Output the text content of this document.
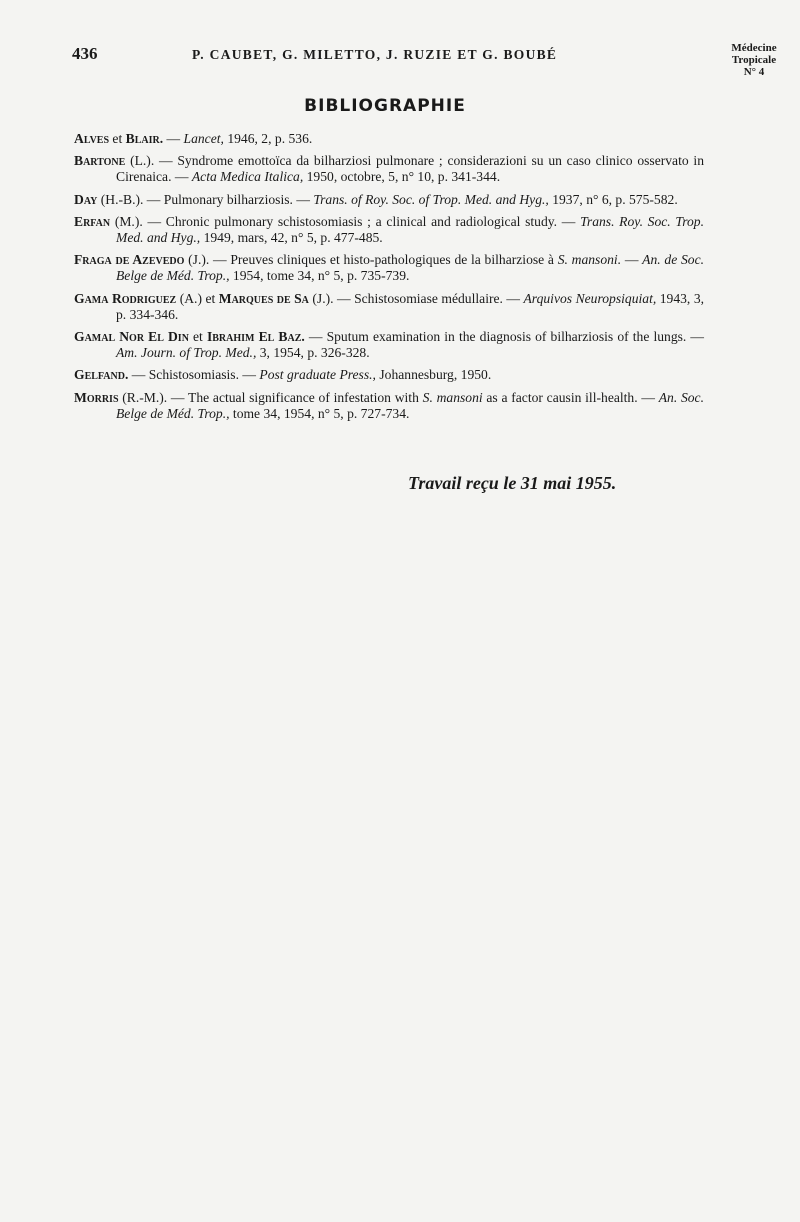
436	P. CAUBET, G. MILETTO, J. RUZIE ET G. BOUBÉ	Médecine
Tropicale
N° 4
BIBLIOGRAPHIE

Alves et Blair. — Lancet, 1946, 2, p. 536.

Bartone (L.). — Syndrome emottoïca da bilharziosi pulmonare ; considerazioni su un caso clinico osservato in Cirenaica. — Acta Medica Italica, 1950, octobre, 5, n° 10, p. 341-344.

Day (H.-B.). — Pulmonary bilharziosis. — Trans. of Roy. Soc. of Trop. Med. and Hyg., 1937, n° 6, p. 575-582.

Erfan (M.). — Chronic pulmonary schistosomiasis ; a clinical and radiological study. — Trans. Roy. Soc. Trop. Med. and Hyg., 1949, mars, 42, n° 5, p. 477-485.

Fraga de Azevedo (J.). — Preuves cliniques et histo-pathologiques de la bilharziose à S. mansoni. — An. de Soc. Belge de Méd. Trop., 1954, tome 34, n° 5, p. 735-739.

Gama Rodriguez (A.) et Marques de Sa (J.). — Schistosomiase médullaire. — Arquivos Neuropsiquiat, 1943, 3, p. 334-346.

Gamal Nor El Din et Ibrahim El Baz. — Sputum examination in the diagnosis of bilharziosis of the lungs. — Am. Journ. of Trop. Med., 3, 1954, p. 326-328.

Gelfand. — Schistosomiasis. — Post graduate Press., Johannesburg, 1950.

Morris (R.-M.). — The actual significance of infestation with S. mansoni as a factor causin ill-health. — An. Soc. Belge de Méd. Trop., tome 34, 1954, n° 5, p. 727-734.

Travail reçu le 31 mai 1955.
